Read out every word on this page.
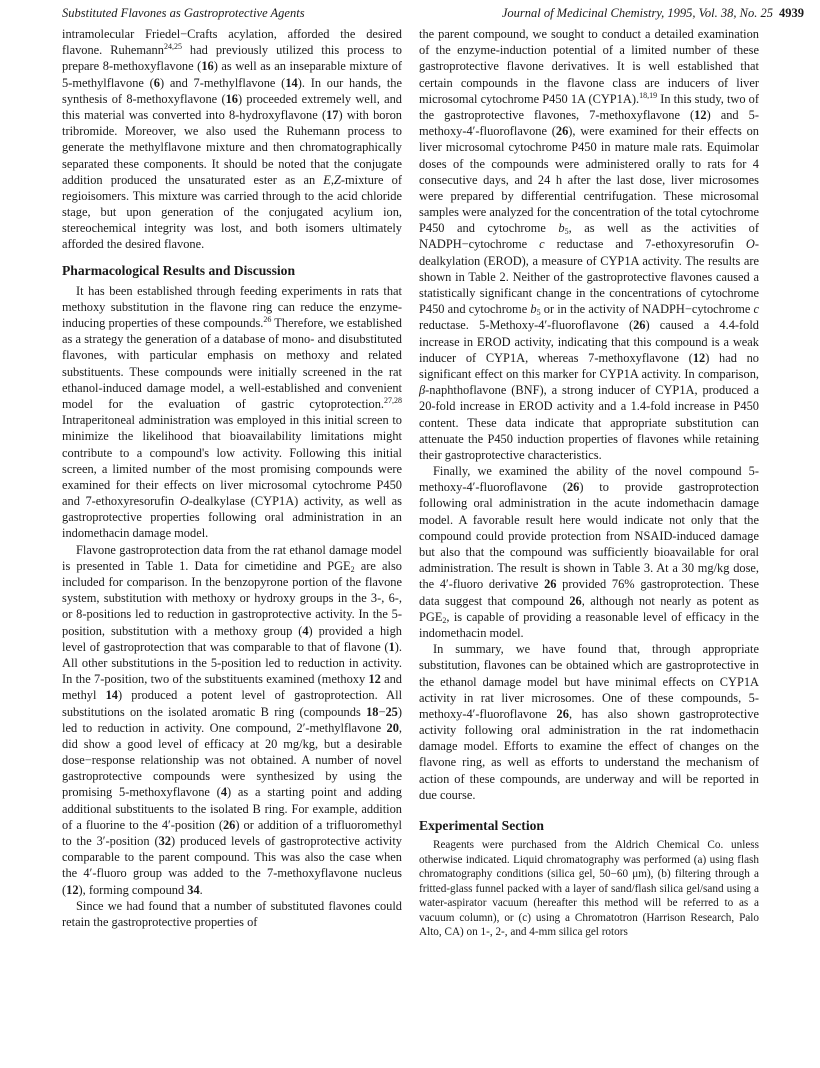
Substituted Flavones as Gastroprotective Agents	Journal of Medicinal Chemistry, 1995, Vol. 38, No. 25 4939

intramolecular Friedel−Crafts acylation, afforded the desired flavone. Ruhemann$^{24,25}$ had previously utilized this process to prepare 8-methoxyflavone (16) as well as an inseparable mixture of 5-methylflavone (6) and 7-methylflavone (14). In our hands, the synthesis of 8-methoxyflavone (16) proceeded extremely well, and this material was converted into 8-hydroxyflavone (17) with boron tribromide. Moreover, we also used the Ruhemann process to generate the methylflavone mixture and then chromatographically separated these components. It should be noted that the conjugate addition produced the unsaturated ester as an E,Z-mixture of regioisomers. This mixture was carried through to the acid chloride stage, but upon generation of the conjugated acylium ion, stereochemical integrity was lost, and both isomers ultimately afforded the desired flavone.

Pharmacological Results and Discussion

It has been established through feeding experiments in rats that methoxy substitution in the flavone ring can reduce the enzyme-inducing properties of these compounds.$^{26}$ Therefore, we established as a strategy the generation of a database of mono- and disubstituted flavones, with particular emphasis on methoxy and related substituents. These compounds were initially screened in the rat ethanol-induced damage model, a well-established and convenient model for the evaluation of gastric cytoprotection.$^{27,28}$ Intraperitoneal administration was employed in this initial screen to minimize the likelihood that bioavailability limitations might contribute to a compound's low activity. Following this initial screen, a limited number of the most promising compounds were examined for their effects on liver microsomal cytochrome P450 and 7-ethoxyresorufin O-dealkylase (CYP1A) activity, as well as gastroprotective properties following oral administration in an indomethacin damage model.

Flavone gastroprotection data from the rat ethanol damage model is presented in Table 1. Data for cimetidine and $PGE_2$ are also included for comparison. In the benzopyrone portion of the flavone system, substitution with methoxy or hydroxy groups in the 3-, 6-, or 8-positions led to reduction in gastroprotective activity. In the 5-position, substitution with a methoxy group (4) provided a high level of gastroprotection that was comparable to that of flavone (1). All other substitutions in the 5-position led to reduction in activity. In the 7-position, two of the substituents examined (methoxy 12 and methyl 14) produced a potent level of gastroprotection. All substitutions on the isolated aromatic B ring (compounds 18−25) led to reduction in activity. One compound, 2′-methylflavone 20, did show a good level of efficacy at 20 mg/kg, but a desirable dose−response relationship was not obtained. A number of novel gastroprotective compounds were synthesized by using the promising 5-methoxyflavone (4) as a starting point and adding additional substituents to the isolated B ring. For example, addition of a fluorine to the 4′-position (26) or addition of a trifluoromethyl to the 3′-position (32) produced levels of gastroprotective activity comparable to the parent compound. This was also the case when the 4′-fluoro group was added to the 7-methoxyflavone nucleus (12), forming compound 34.

Since we had found that a number of substituted flavones could retain the gastroprotective properties of

the parent compound, we sought to conduct a detailed examination of the enzyme-induction potential of a limited number of these gastroprotective flavone derivatives. It is well established that certain compounds in the flavone class are inducers of liver microsomal cytochrome P450 1A (CYP1A).$^{18,19}$ In this study, two of the gastroprotective flavones, 7-methoxyflavone (12) and 5-methoxy-4′-fluoroflavone (26), were examined for their effects on liver microsomal cytochrome P450 in mature male rats. Equimolar doses of the compounds were administered orally to rats for 4 consecutive days, and 24 h after the last dose, liver microsomes were prepared by differential centrifugation. These microsomal samples were analyzed for the concentration of the total cytochrome P450 and cytochrome $b_5$, as well as the activities of NADPH−cytochrome c reductase and 7-ethoxyresorufin O-dealkylation (EROD), a measure of CYP1A activity. The results are shown in Table 2. Neither of the gastroprotective flavones caused a statistically significant change in the concentrations of cytochrome P450 and cytochrome $b_5$ or in the activity of NADPH−cytochrome c reductase. 5-Methoxy-4′-fluoroflavone (26) caused a 4.4-fold increase in EROD activity, indicating that this compound is a weak inducer of CYP1A, whereas 7-methoxyflavone (12) had no significant effect on this marker for CYP1A activity. In comparison, β-naphthoflavone (BNF), a strong inducer of CYP1A, produced a 20-fold increase in EROD activity and a 1.4-fold increase in P450 content. These data indicate that appropriate substitution can attenuate the P450 induction properties of flavones while retaining their gastroprotective characteristics.

Finally, we examined the ability of the novel compound 5-methoxy-4′-fluoroflavone (26) to provide gastroprotection following oral administration in the acute indomethacin damage model. A favorable result here would indicate not only that the compound could provide protection from NSAID-induced damage but also that the compound was sufficiently bioavailable for oral administration. The result is shown in Table 3. At a 30 mg/kg dose, the 4′-fluoro derivative 26 provided 76% gastroprotection. These data suggest that compound 26, although not nearly as potent as $PGE_2$, is capable of providing a reasonable level of efficacy in the indomethacin model.

In summary, we have found that, through appropriate substitution, flavones can be obtained which are gastroprotective in the ethanol damage model but have minimal effects on CYP1A activity in rat liver microsomes. One of these compounds, 5-methoxy-4′-fluoroflavone 26, has also shown gastroprotective activity following oral administration in the rat indomethacin damage model. Efforts to examine the effect of changes on the flavone ring, as well as efforts to understand the mechanism of action of these compounds, are underway and will be reported in due course.

Experimental Section

Reagents were purchased from the Aldrich Chemical Co. unless otherwise indicated. Liquid chromatography was performed (a) using flash chromatography conditions (silica gel, 50−60 μm), (b) filtering through a fritted-glass funnel packed with a layer of sand/flash silica gel/sand using a water-aspirator vacuum (hereafter this method will be referred to as a vacuum column), or (c) using a Chromatotron (Harrison Research, Palo Alto, CA) on 1-, 2-, and 4-mm silica gel rotors
